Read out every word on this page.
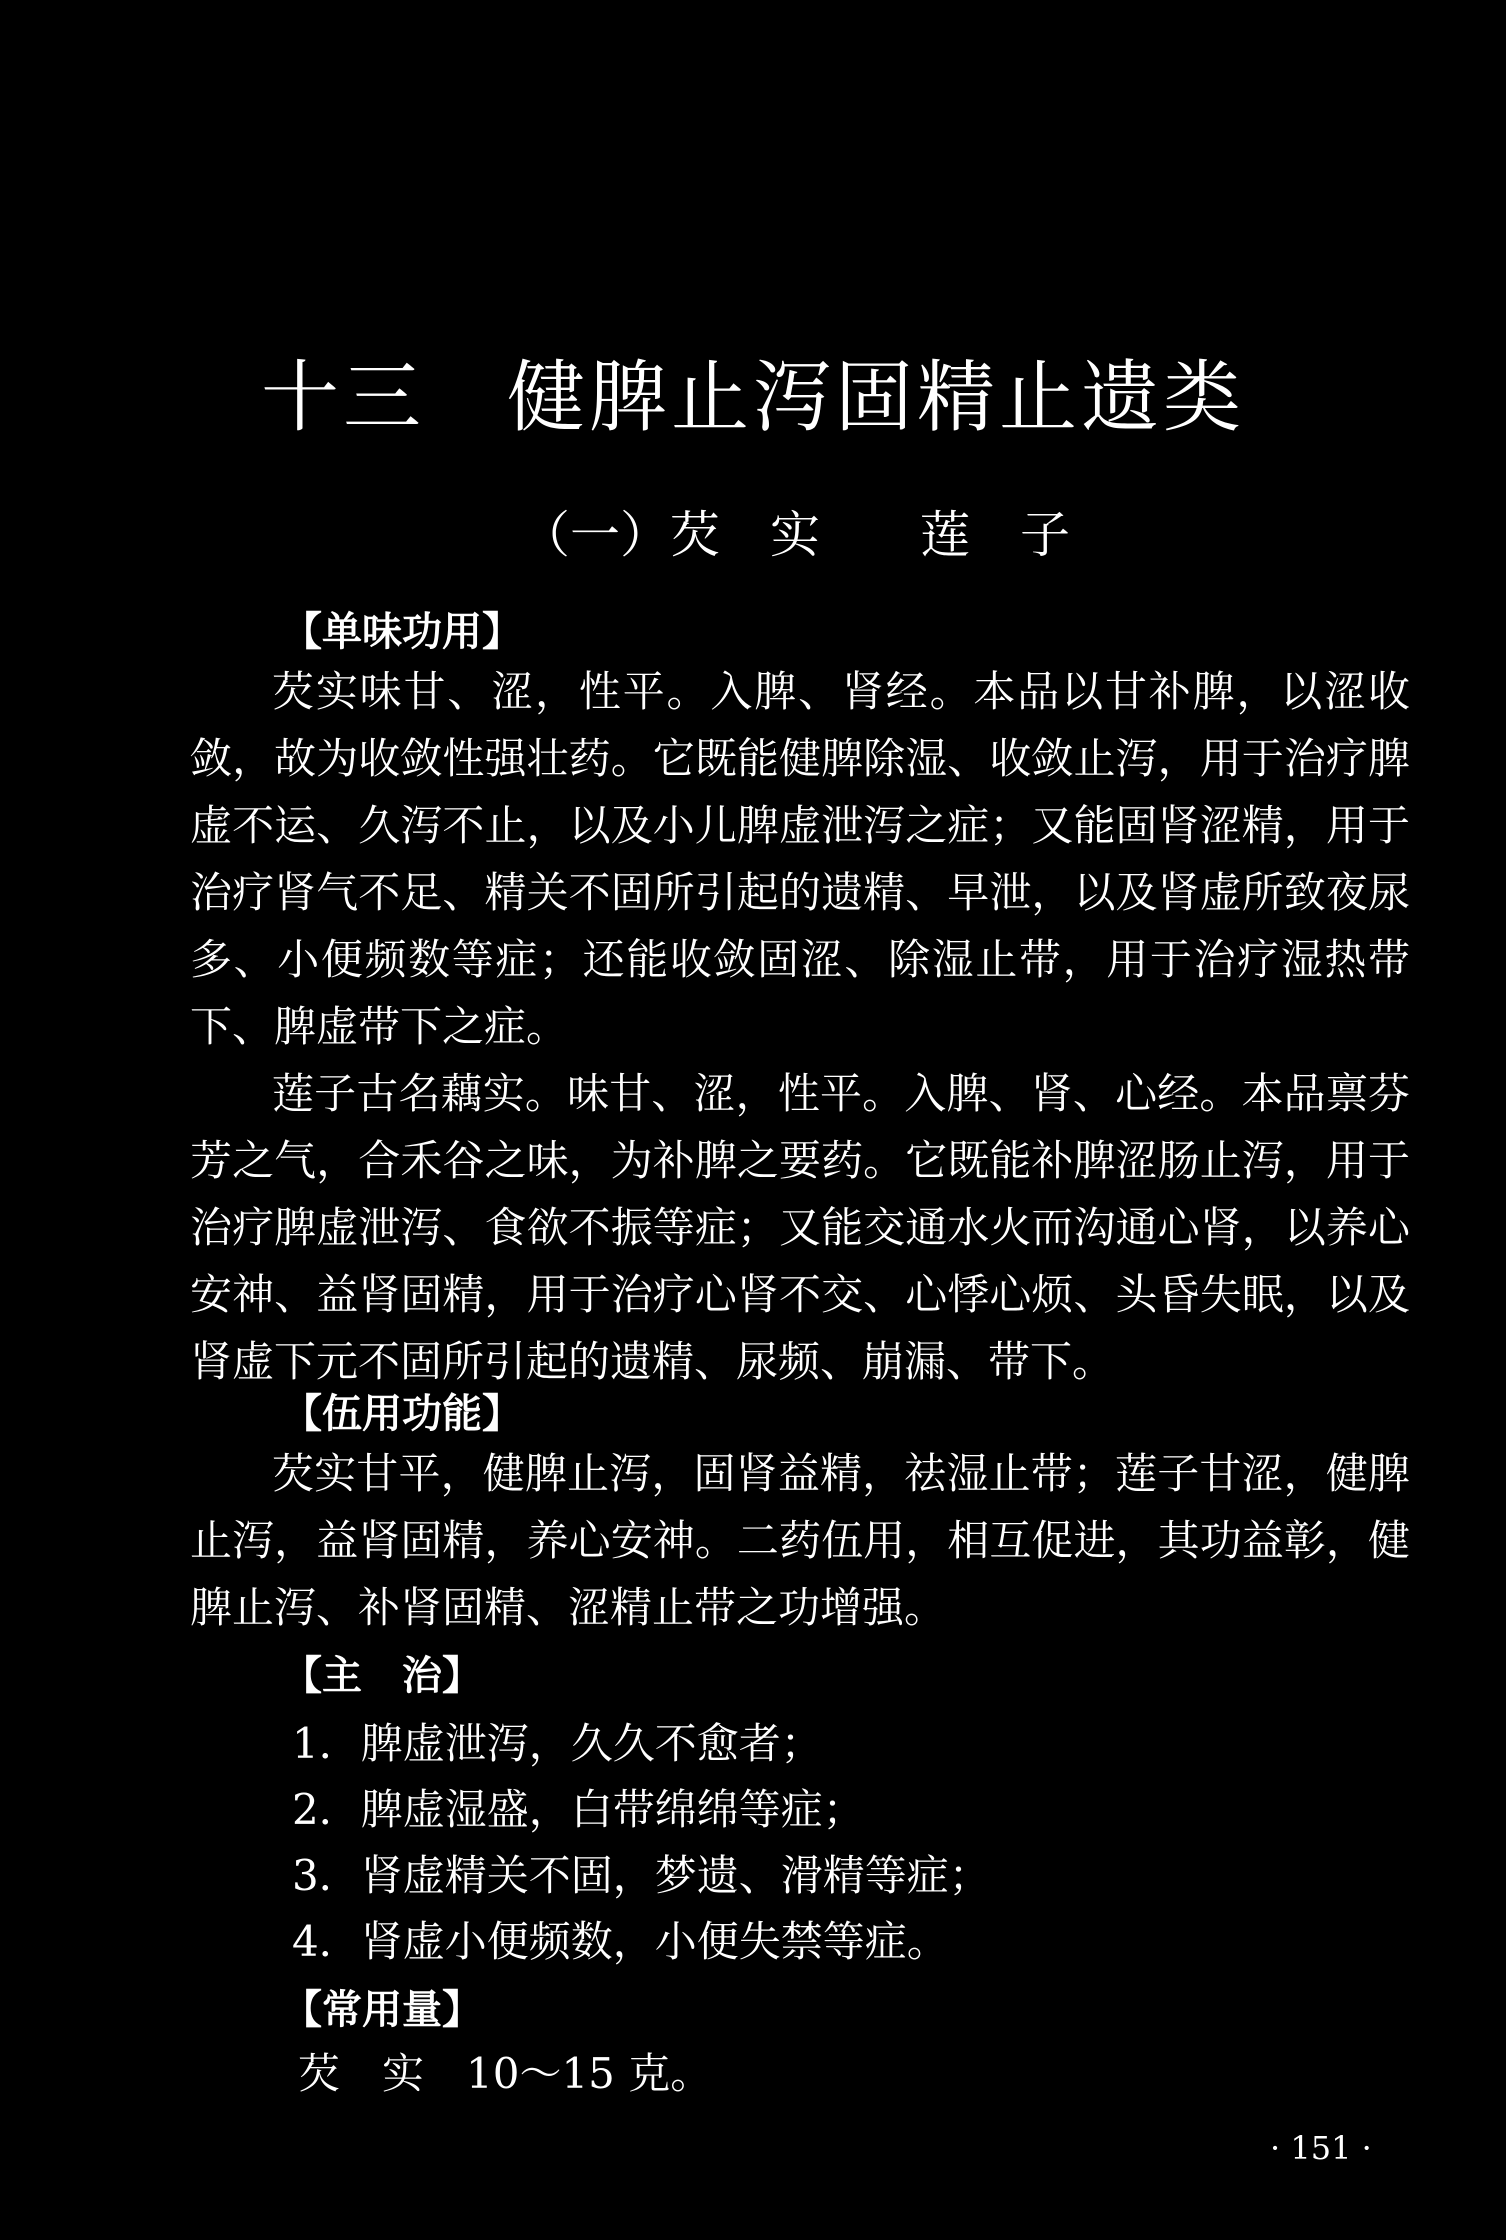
十三　健脾止泻固精止遗类
（一）芡　实　　莲　子
【单味功用】

芡实味甘、涩，性平。入脾、肾经。本品以甘补脾，以涩收敛，故为收敛性强壮药。它既能健脾除湿、收敛止泻，用于治疗脾虚不运、久泻不止，以及小儿脾虚泄泻之症；又能固肾涩精，用于治疗肾气不足、精关不固所引起的遗精、早泄，以及肾虚所致夜尿多、小便频数等症；还能收敛固涩、除湿止带，用于治疗湿热带下、脾虚带下之症。

莲子古名藕实。味甘、涩，性平。入脾、肾、心经。本品禀芬芳之气，合禾谷之味，为补脾之要药。它既能补脾涩肠止泻，用于治疗脾虚泄泻、食欲不振等症；又能交通水火而沟通心肾，以养心安神、益肾固精，用于治疗心肾不交、心悸心烦、头昏失眠，以及肾虚下元不固所引起的遗精、尿频、崩漏、带下。

【伍用功能】

芡实甘平，健脾止泻，固肾益精，祛湿止带；莲子甘涩，健脾止泻，益肾固精，养心安神。二药伍用，相互促进，其功益彰，健脾止泻、补肾固精、涩精止带之功增强。

【主　治】
1．脾虚泄泻，久久不愈者；
2．脾虚湿盛，白带绵绵等症；
3．肾虚精关不固，梦遗、滑精等症；
4．肾虚小便频数，小便失禁等症。
【常用量】
芡　实　10～15 克。
· 151 ·
